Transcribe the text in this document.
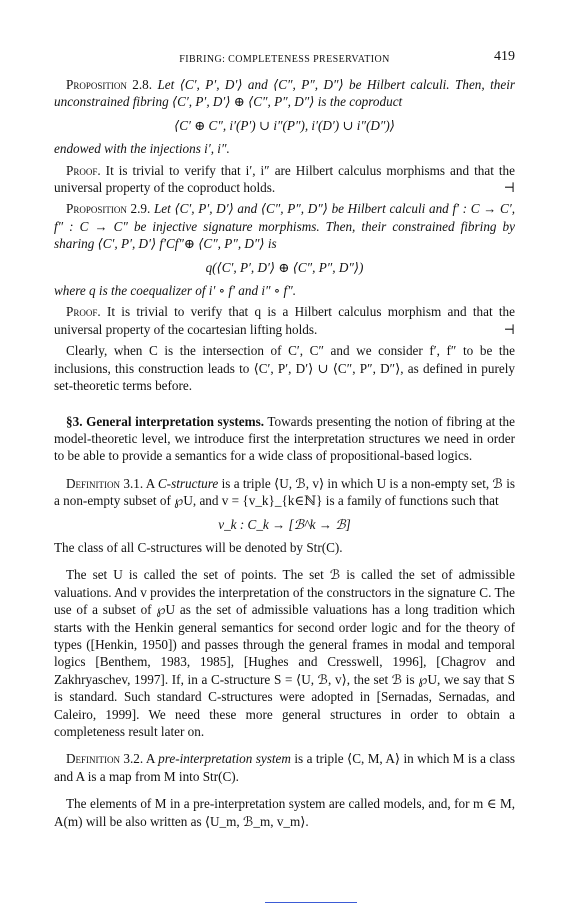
FIBRING: COMPLETENESS PRESERVATION	419

Proposition 2.8. Let ⟨C′, P′, D′⟩ and ⟨C″, P″, D″⟩ be Hilbert calculi. Then, their unconstrained fibring ⟨C′, P′, D′⟩ ⊕ ⟨C″, P″, D″⟩ is the coproduct

⟨C′ ⊕ C″, i′(P′) ∪ i″(P″), i′(D′) ∪ i″(D″)⟩

endowed with the injections i′, i″.

Proof. It is trivial to verify that i′, i″ are Hilbert calculus morphisms and that the universal property of the coproduct holds.	⊣

Proposition 2.9. Let ⟨C′, P′, D′⟩ and ⟨C″, P″, D″⟩ be Hilbert calculi and f′ : C → C′, f″ : C → C″ be injective signature morphisms. Then, their constrained fibring by sharing ⟨C′, P′, D′⟩ f′Cf″⊕ ⟨C″, P″, D″⟩ is

q(⟨C′, P′, D′⟩ ⊕ ⟨C″, P″, D″⟩)

where q is the coequalizer of i′ ∘ f′ and i″ ∘ f″.

Proof. It is trivial to verify that q is a Hilbert calculus morphism and that the universal property of the cocartesian lifting holds.	⊣

Clearly, when C is the intersection of C′, C″ and we consider f′, f″ to be the inclusions, this construction leads to ⟨C′, P′, D′⟩ ∪ ⟨C″, P″, D″⟩, as defined in purely set-theoretic terms before.

§3. General interpretation systems. Towards presenting the notion of fibring at the model-theoretic level, we introduce first the interpretation structures we need in order to be able to provide a semantics for a wide class of propositional-based logics.

Definition 3.1. A C-structure is a triple ⟨U, ℬ, v⟩ in which U is a non-empty set, ℬ is a non-empty subset of ℘U, and v = {v_k}_{k∈ℕ} is a family of functions such that

v_k : C_k → [ℬ^k → ℬ]

The class of all C-structures will be denoted by Str(C).

The set U is called the set of points. The set ℬ is called the set of admissible valuations. And v provides the interpretation of the constructors in the signature C. The use of a subset of ℘U as the set of admissible valuations has a long tradition which starts with the Henkin general semantics for second order logic and for the theory of types ([Henkin, 1950]) and passes through the general frames in modal and temporal logics [Benthem, 1983, 1985], [Hughes and Cresswell, 1996], [Chagrov and Zakhryaschev, 1997]. If, in a C-structure S = ⟨U, ℬ, v⟩, the set ℬ is ℘U, we say that S is standard. Such standard C-structures were adopted in [Sernadas, Sernadas, and Caleiro, 1999]. We need these more general structures in order to obtain a completeness result later on.

Definition 3.2. A pre-interpretation system is a triple ⟨C, M, A⟩ in which M is a class and A is a map from M into Str(C).

The elements of M in a pre-interpretation system are called models, and, for m ∈ M, A(m) will be also written as ⟨U_m, ℬ_m, v_m⟩.
